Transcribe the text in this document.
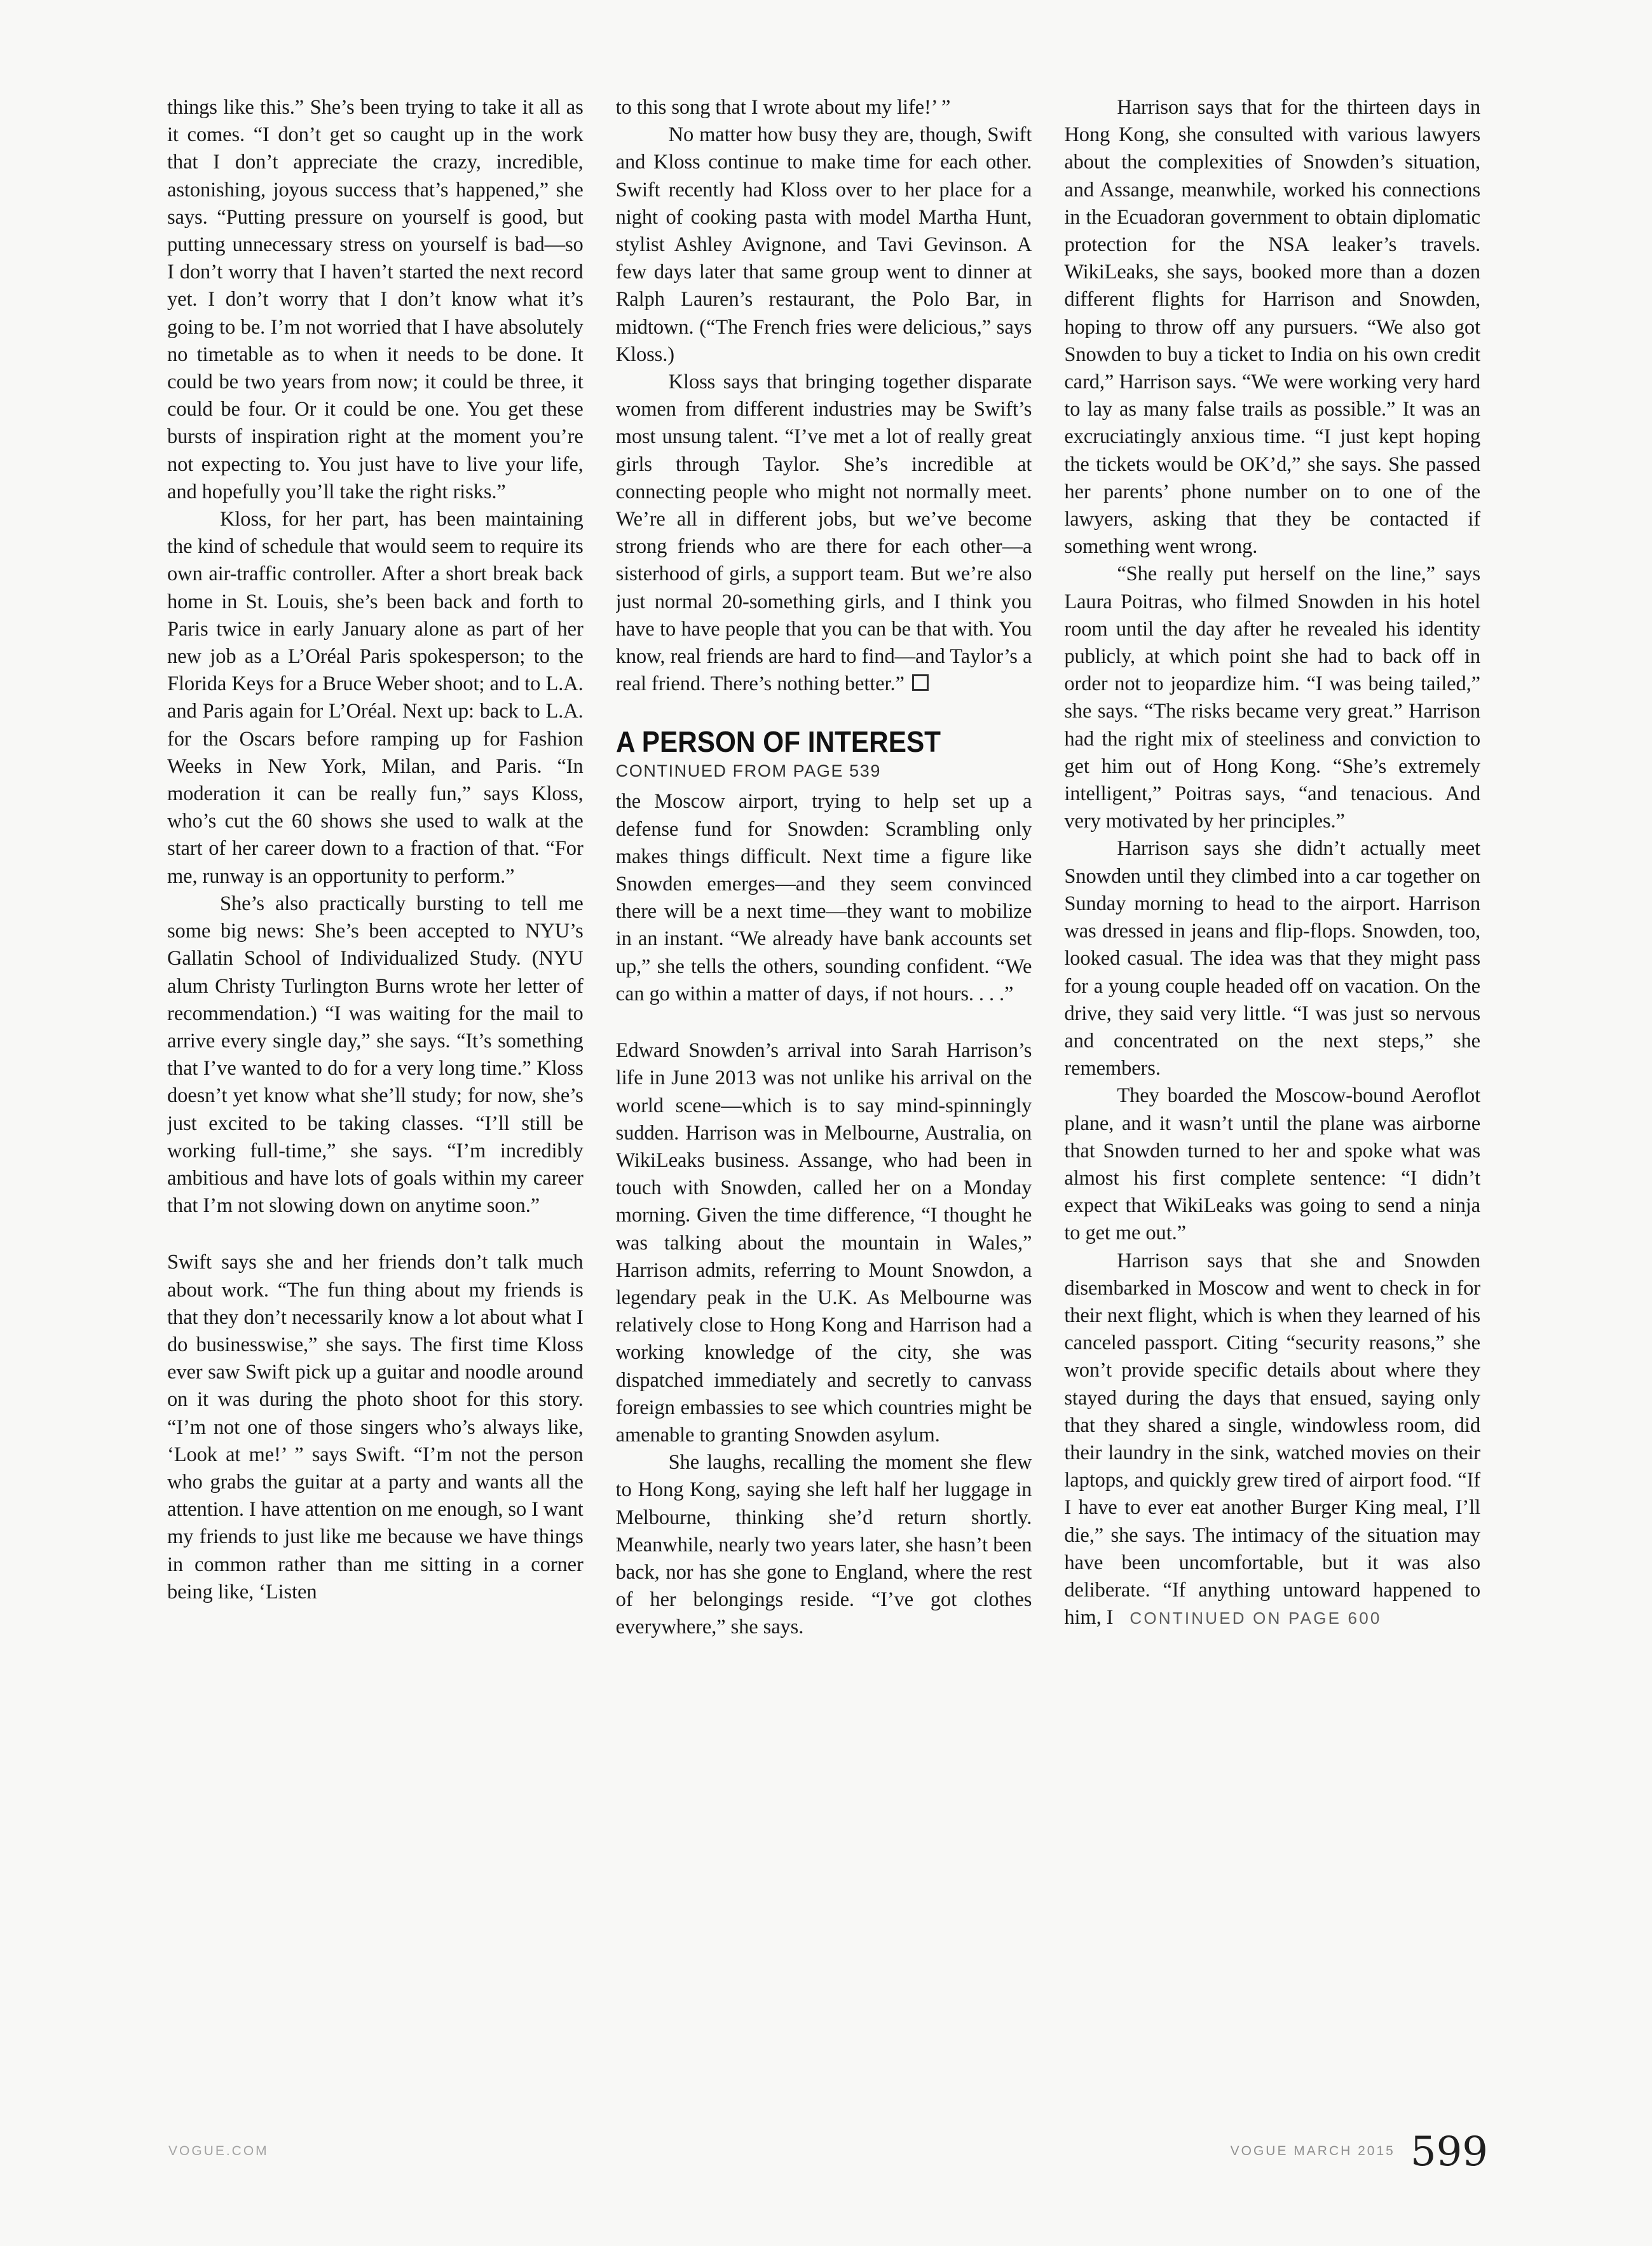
things like this.” She’s been trying to take it all as it comes. “I don’t get so caught up in the work that I don’t appreciate the crazy, incredible, astonishing, joyous success that’s happened,” she says. “Putting pressure on yourself is good, but putting unnecessary stress on yourself is bad—so I don’t worry that I haven’t started the next record yet. I don’t worry that I don’t know what it’s going to be. I’m not worried that I have absolutely no timetable as to when it needs to be done. It could be two years from now; it could be three, it could be four. Or it could be one. You get these bursts of inspiration right at the moment you’re not expecting to. You just have to live your life, and hopefully you’ll take the right risks.”

Kloss, for her part, has been maintaining the kind of schedule that would seem to require its own air-traffic controller. After a short break back home in St. Louis, she’s been back and forth to Paris twice in early January alone as part of her new job as a L’Oréal Paris spokesperson; to the Florida Keys for a Bruce Weber shoot; and to L.A. and Paris again for L’Oréal. Next up: back to L.A. for the Oscars before ramping up for Fashion Weeks in New York, Milan, and Paris. “In moderation it can be really fun,” says Kloss, who’s cut the 60 shows she used to walk at the start of her career down to a fraction of that. “For me, runway is an opportunity to perform.”

She’s also practically bursting to tell me some big news: She’s been accepted to NYU’s Gallatin School of Individualized Study. (NYU alum Christy Turlington Burns wrote her letter of recommendation.) “I was waiting for the mail to arrive every single day,” she says. “It’s something that I’ve wanted to do for a very long time.” Kloss doesn’t yet know what she’ll study; for now, she’s just excited to be taking classes. “I’ll still be working full-time,” she says. “I’m incredibly ambitious and have lots of goals within my career that I’m not slowing down on anytime soon.”

Swift says she and her friends don’t talk much about work. “The fun thing about my friends is that they don’t necessarily know a lot about what I do businesswise,” she says. The first time Kloss ever saw Swift pick up a guitar and noodle around on it was during the photo shoot for this story. “I’m not one of those singers who’s always like, ‘Look at me!’ ” says Swift. “I’m not the person who grabs the guitar at a party and wants all the attention. I have attention on me enough, so I want my friends to just like me because we have things in common rather than me sitting in a corner being like, ‘Listen

to this song that I wrote about my life!’ ”

No matter how busy they are, though, Swift and Kloss continue to make time for each other. Swift recently had Kloss over to her place for a night of cooking pasta with model Martha Hunt, stylist Ashley Avignone, and Tavi Gevinson. A few days later that same group went to dinner at Ralph Lauren’s restaurant, the Polo Bar, in midtown. (“The French fries were delicious,” says Kloss.)

Kloss says that bringing together disparate women from different industries may be Swift’s most unsung talent. “I’ve met a lot of really great girls through Taylor. She’s incredible at connecting people who might not normally meet. We’re all in different jobs, but we’ve become strong friends who are there for each other—a sisterhood of girls, a support team. But we’re also just normal 20-something girls, and I think you have to have people that you can be that with. You know, real friends are hard to find—and Taylor’s a real friend. There’s nothing better.”

A PERSON OF INTEREST
CONTINUED FROM PAGE 539

the Moscow airport, trying to help set up a defense fund for Snowden: Scrambling only makes things difficult. Next time a figure like Snowden emerges—and they seem convinced there will be a next time—they want to mobilize in an instant. “We already have bank accounts set up,” she tells the others, sounding confident. “We can go within a matter of days, if not hours. . . .”

Edward Snowden’s arrival into Sarah Harrison’s life in June 2013 was not unlike his arrival on the world scene—which is to say mind-spinningly sudden. Harrison was in Melbourne, Australia, on WikiLeaks business. Assange, who had been in touch with Snowden, called her on a Monday morning. Given the time difference, “I thought he was talking about the mountain in Wales,” Harrison admits, referring to Mount Snowdon, a legendary peak in the U.K. As Melbourne was relatively close to Hong Kong and Harrison had a working knowledge of the city, she was dispatched immediately and secretly to canvass foreign embassies to see which countries might be amenable to granting Snowden asylum.

She laughs, recalling the moment she flew to Hong Kong, saying she left half her luggage in Melbourne, thinking she’d return shortly. Meanwhile, nearly two years later, she hasn’t been back, nor has she gone to England, where the rest of her belongings reside. “I’ve got clothes everywhere,” she says.

Harrison says that for the thirteen days in Hong Kong, she consulted with various lawyers about the complexities of Snowden’s situation, and Assange, meanwhile, worked his connections in the Ecuadoran government to obtain diplomatic protection for the NSA leaker’s travels. WikiLeaks, she says, booked more than a dozen different flights for Harrison and Snowden, hoping to throw off any pursuers. “We also got Snowden to buy a ticket to India on his own credit card,” Harrison says. “We were working very hard to lay as many false trails as possible.” It was an excruciatingly anxious time. “I just kept hoping the tickets would be OK’d,” she says. She passed her parents’ phone number on to one of the lawyers, asking that they be contacted if something went wrong.

“She really put herself on the line,” says Laura Poitras, who filmed Snowden in his hotel room until the day after he revealed his identity publicly, at which point she had to back off in order not to jeopardize him. “I was being tailed,” she says. “The risks became very great.” Harrison had the right mix of steeliness and conviction to get him out of Hong Kong. “She’s extremely intelligent,” Poitras says, “and tenacious. And very motivated by her principles.”

Harrison says she didn’t actually meet Snowden until they climbed into a car together on Sunday morning to head to the airport. Harrison was dressed in jeans and flip-flops. Snowden, too, looked casual. The idea was that they might pass for a young couple headed off on vacation. On the drive, they said very little. “I was just so nervous and concentrated on the next steps,” she remembers.

They boarded the Moscow-bound Aeroflot plane, and it wasn’t until the plane was airborne that Snowden turned to her and spoke what was almost his first complete sentence: “I didn’t expect that WikiLeaks was going to send a ninja to get me out.”

Harrison says that she and Snowden disembarked in Moscow and went to check in for their next flight, which is when they learned of his canceled passport. Citing “security reasons,” she won’t provide specific details about where they stayed during the days that ensued, saying only that they shared a single, windowless room, did their laundry in the sink, watched movies on their laptops, and quickly grew tired of airport food. “If I have to ever eat another Burger King meal, I’ll die,” she says. The intimacy of the situation may have been uncomfortable, but it was also deliberate. “If anything untoward happened to him, I CONTINUED ON PAGE 600

VOGUE.COM	VOGUE MARCH 2015 599
